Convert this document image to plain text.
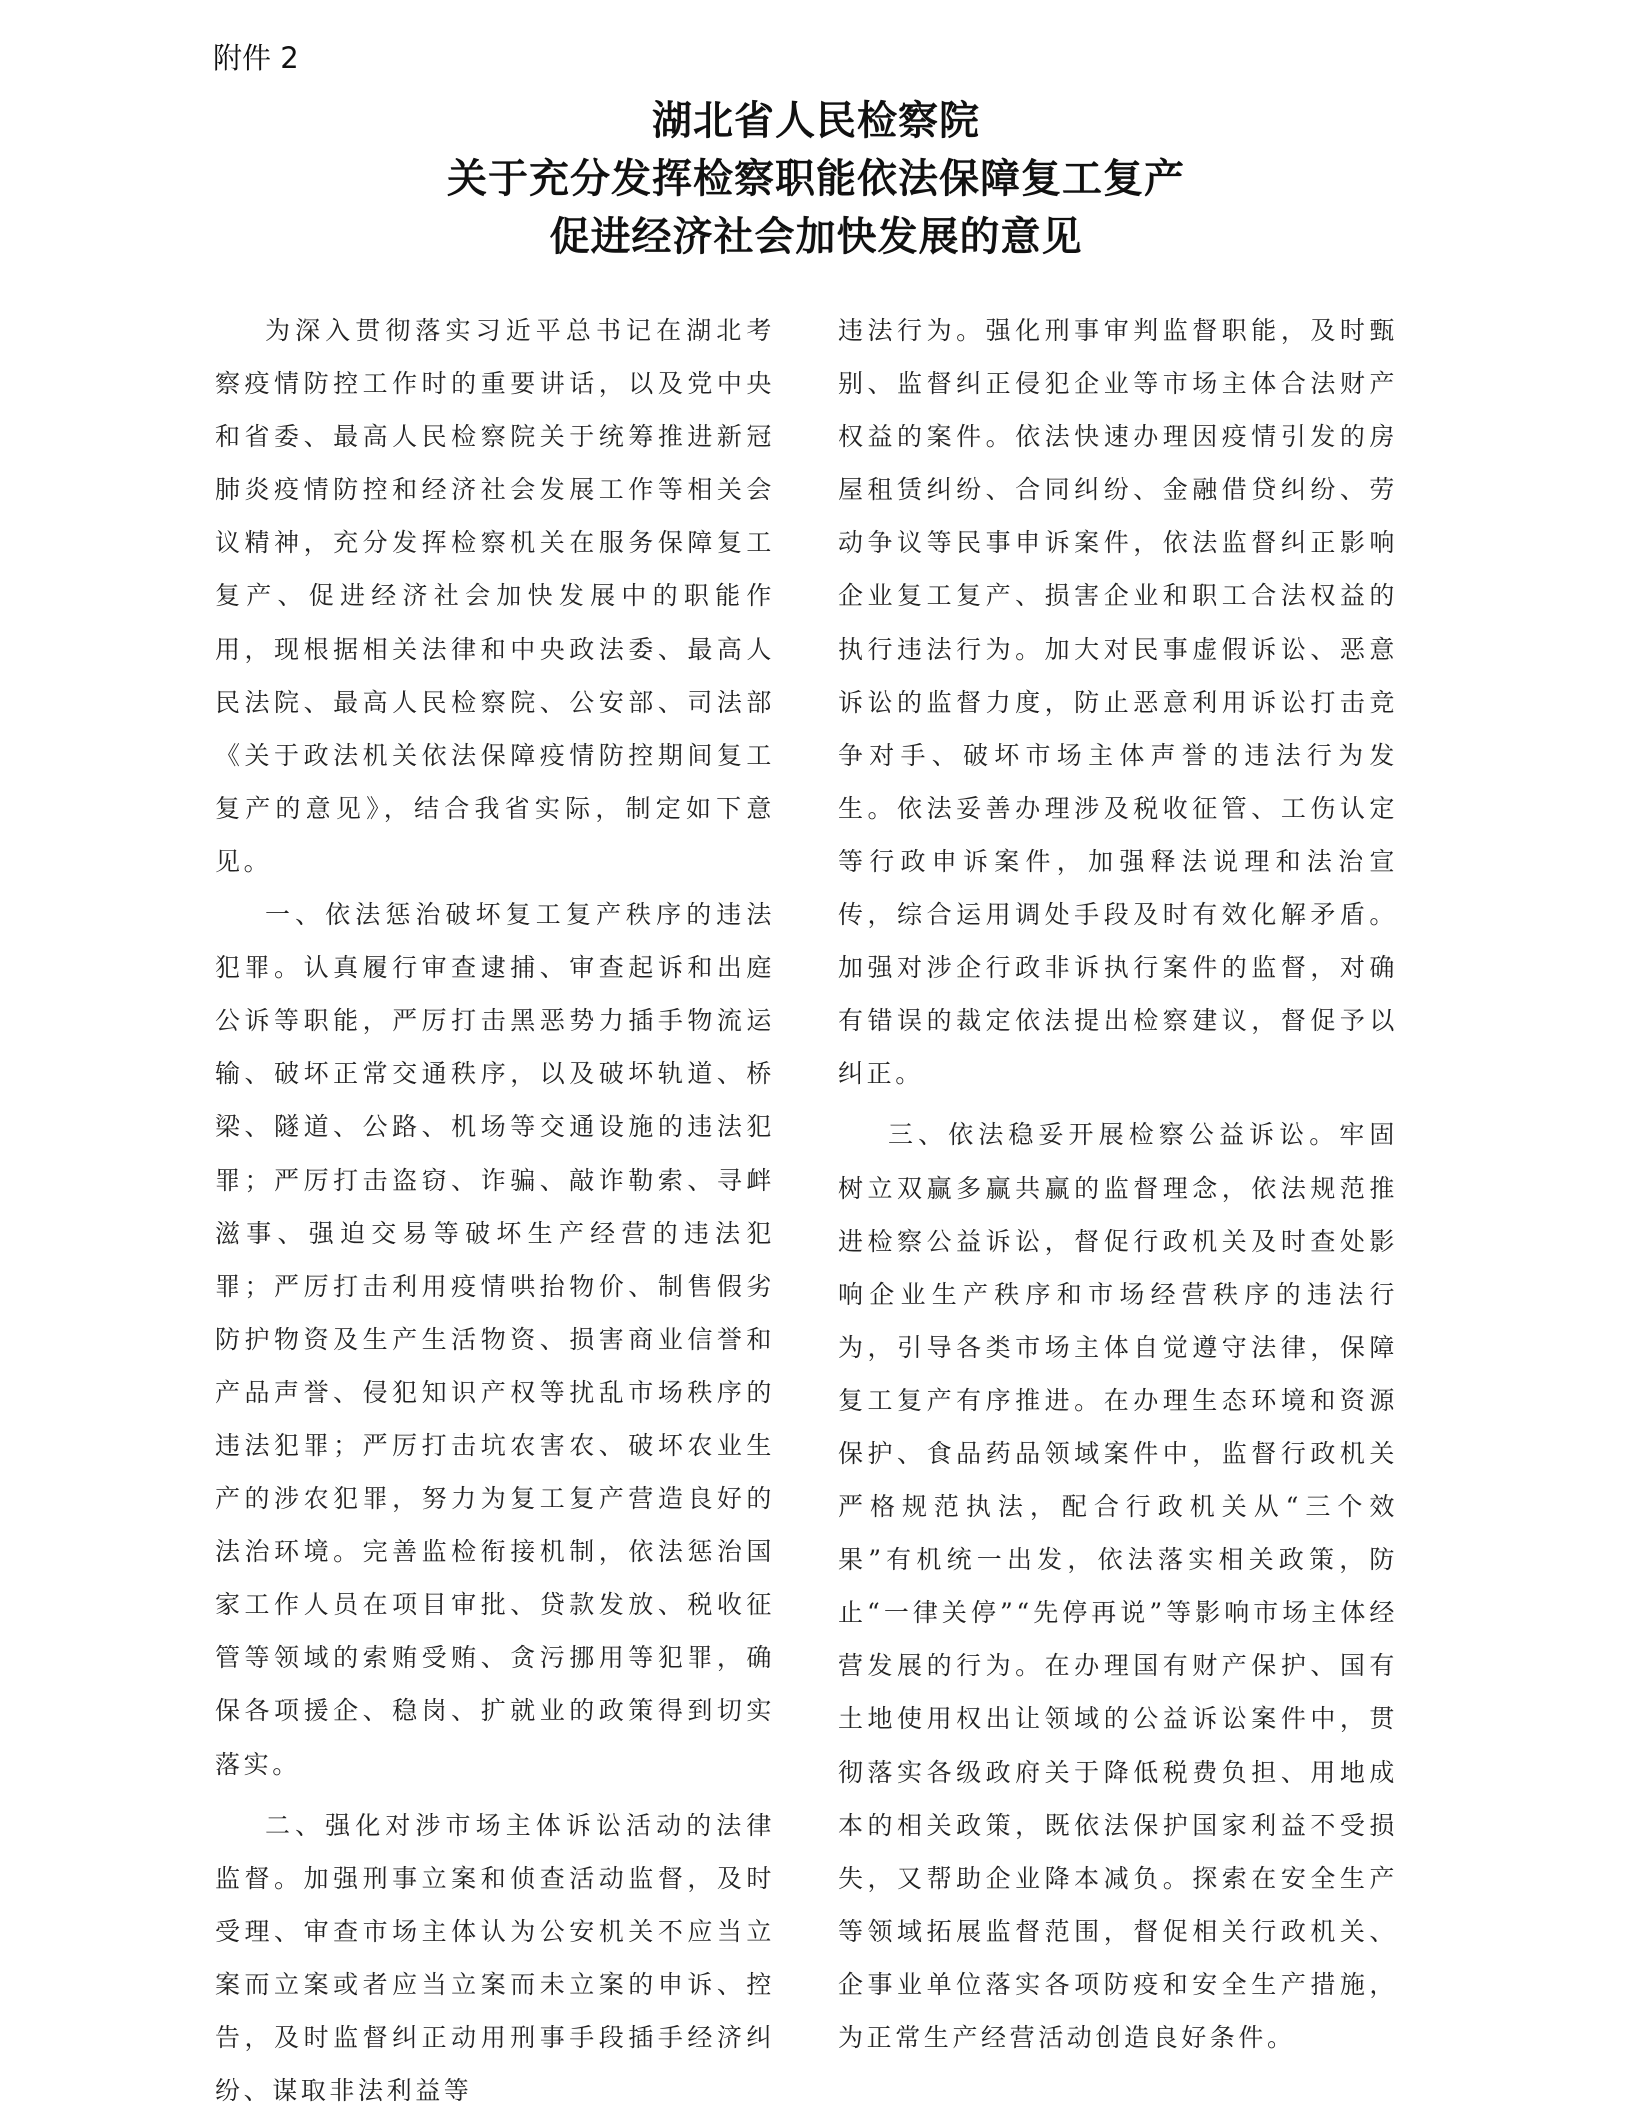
附件 2
湖北省人民检察院
关于充分发挥检察职能依法保障复工复产
促进经济社会加快发展的意见

为深入贯彻落实习近平总书记在湖北考察疫情防控工作时的重要讲话，以及党中央和省委、最高人民检察院关于统筹推进新冠肺炎疫情防控和经济社会发展工作等相关会议精神，充分发挥检察机关在服务保障复工复产、促进经济社会加快发展中的职能作用，现根据相关法律和中央政法委、最高人民法院、最高人民检察院、公安部、司法部《关于政法机关依法保障疫情防控期间复工复产的意见》，结合我省实际，制定如下意见。

一、依法惩治破坏复工复产秩序的违法犯罪。认真履行审查逮捕、审查起诉和出庭公诉等职能，严厉打击黑恶势力插手物流运输、破坏正常交通秩序，以及破坏轨道、桥梁、隧道、公路、机场等交通设施的违法犯罪；严厉打击盗窃、诈骗、敲诈勒索、寻衅滋事、强迫交易等破坏生产经营的违法犯罪；严厉打击利用疫情哄抬物价、制售假劣防护物资及生产生活物资、损害商业信誉和产品声誉、侵犯知识产权等扰乱市场秩序的违法犯罪；严厉打击坑农害农、破坏农业生产的涉农犯罪，努力为复工复产营造良好的法治环境。完善监检衔接机制，依法惩治国家工作人员在项目审批、贷款发放、税收征管等领域的索贿受贿、贪污挪用等犯罪，确保各项援企、稳岗、扩就业的政策得到切实落实。

二、强化对涉市场主体诉讼活动的法律监督。加强刑事立案和侦查活动监督，及时受理、审查市场主体认为公安机关不应当立案而立案或者应当立案而未立案的申诉、控告，及时监督纠正动用刑事手段插手经济纠纷、谋取非法利益等

违法行为。强化刑事审判监督职能，及时甄别、监督纠正侵犯企业等市场主体合法财产权益的案件。依法快速办理因疫情引发的房屋租赁纠纷、合同纠纷、金融借贷纠纷、劳动争议等民事申诉案件，依法监督纠正影响企业复工复产、损害企业和职工合法权益的执行违法行为。加大对民事虚假诉讼、恶意诉讼的监督力度，防止恶意利用诉讼打击竞争对手、破坏市场主体声誉的违法行为发生。依法妥善办理涉及税收征管、工伤认定等行政申诉案件，加强释法说理和法治宣传，综合运用调处手段及时有效化解矛盾。加强对涉企行政非诉执行案件的监督，对确有错误的裁定依法提出检察建议，督促予以纠正。

三、依法稳妥开展检察公益诉讼。牢固树立双赢多赢共赢的监督理念，依法规范推进检察公益诉讼，督促行政机关及时查处影响企业生产秩序和市场经营秩序的违法行为，引导各类市场主体自觉遵守法律，保障复工复产有序推进。在办理生态环境和资源保护、食品药品领域案件中，监督行政机关严格规范执法，配合行政机关从“三个效果”有机统一出发，依法落实相关政策，防止“一律关停”“先停再说”等影响市场主体经营发展的行为。在办理国有财产保护、国有土地使用权出让领域的公益诉讼案件中，贯彻落实各级政府关于降低税费负担、用地成本的相关政策，既依法保护国家利益不受损失，又帮助企业降本减负。探索在安全生产等领域拓展监督范围，督促相关行政机关、企事业单位落实各项防疫和安全生产措施，为正常生产经营活动创造良好条件。
